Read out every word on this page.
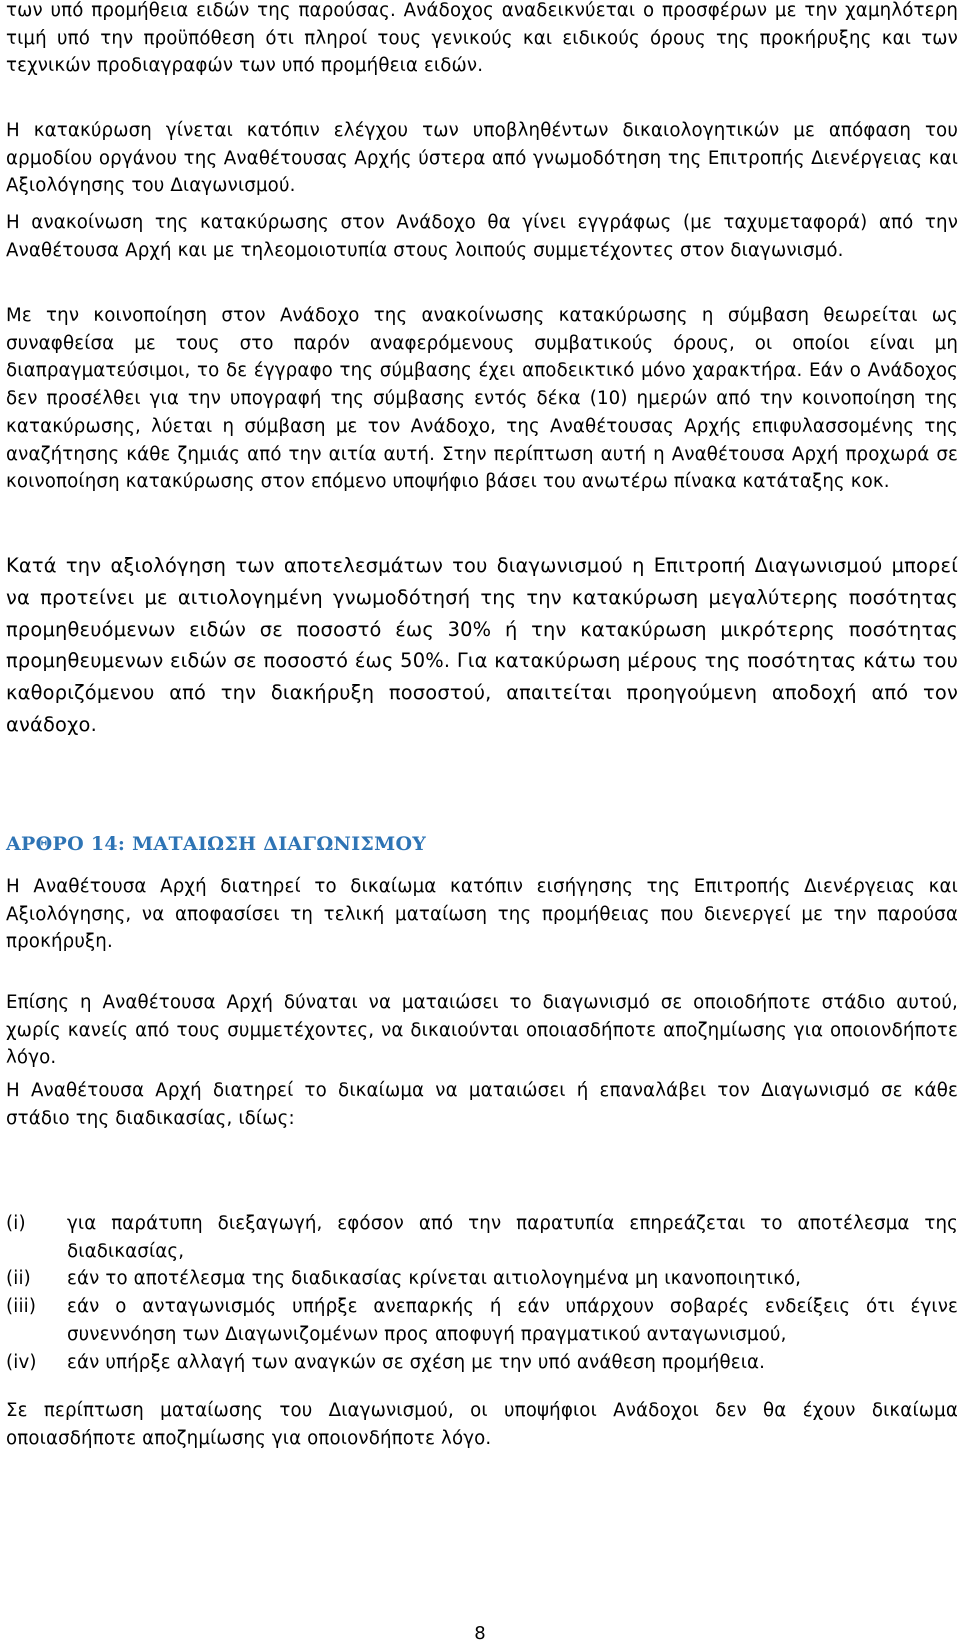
των υπό προμήθεια ειδών της παρούσας. Ανάδοχος αναδεικνύεται ο προσφέρων με την χαμηλότερη τιμή υπό την προϋπόθεση ότι πληροί τους γενικούς και ειδικούς όρους της προκήρυξης και των τεχνικών προδιαγραφών των υπό προμήθεια ειδών.

Η κατακύρωση γίνεται κατόπιν ελέγχου των υποβληθέντων δικαιολογητικών με απόφαση του αρμοδίου οργάνου της Αναθέτουσας Αρχής ύστερα από γνωμοδότηση της Επιτροπής Διενέργειας και Αξιολόγησης του Διαγωνισμού.

Η ανακοίνωση της κατακύρωσης στον Ανάδοχο θα γίνει εγγράφως (με ταχυμεταφορά) από την Αναθέτουσα Αρχή και με τηλεομοιοτυπία στους λοιπούς συμμετέχοντες στον διαγωνισμό.

Με την κοινοποίηση στον Ανάδοχο της ανακοίνωσης κατακύρωσης η σύμβαση θεωρείται ως συναφθείσα με τους στο παρόν αναφερόμενους συμβατικούς όρους, οι οποίοι είναι μη διαπραγματεύσιμοι, το δε έγγραφο της σύμβασης έχει αποδεικτικό μόνο χαρακτήρα. Εάν ο Ανάδοχος δεν προσέλθει για την υπογραφή της σύμβασης εντός δέκα (10) ημερών από την κοινοποίηση της κατακύρωσης, λύεται η σύμβαση με τον Ανάδοχο, της Αναθέτουσας Αρχής επιφυλασσομένης της αναζήτησης κάθε ζημιάς από την αιτία αυτή. Στην περίπτωση αυτή η Αναθέτουσα Αρχή προχωρά σε κοινοποίηση κατακύρωσης στον επόμενο υποψήφιο βάσει του ανωτέρω πίνακα κατάταξης κοκ.

Κατά την αξιολόγηση των αποτελεσμάτων του διαγωνισμού η Επιτροπή Διαγωνισμού μπορεί να προτείνει με αιτιολογημένη γνωμοδότησή της την κατακύρωση μεγαλύτερης ποσότητας προμηθευόμενων ειδών σε ποσοστό έως 30% ή την κατακύρωση μικρότερης ποσότητας προμηθευμενων ειδών σε ποσοστό έως 50%. Για κατακύρωση μέρους της ποσότητας κάτω του καθοριζόμενου από την διακήρυξη ποσοστού, απαιτείται προηγούμενη αποδοχή από τον ανάδοχο.

ΑΡΘΡΟ 14: ΜΑΤΑΙΩΣΗ ΔΙΑΓΩΝΙΣΜΟΥ

Η Αναθέτουσα Αρχή διατηρεί το δικαίωμα κατόπιν εισήγησης της Επιτροπής Διενέργειας και Αξιολόγησης, να αποφασίσει τη τελική ματαίωση της προμήθειας που διενεργεί με την παρούσα προκήρυξη.

Επίσης η Αναθέτουσα Αρχή δύναται να ματαιώσει το διαγωνισμό σε οποιοδήποτε στάδιο αυτού, χωρίς κανείς από τους συμμετέχοντες, να δικαιούνται οποιασδήποτε αποζημίωσης για οποιονδήποτε λόγο.

Η Αναθέτουσα Αρχή διατηρεί το δικαίωμα να ματαιώσει ή επαναλάβει τον Διαγωνισμό σε κάθε στάδιο της διαδικασίας, ιδίως:

(i)	για παράτυπη διεξαγωγή, εφόσον από την παρατυπία επηρεάζεται το αποτέλεσμα της διαδικασίας,
(ii)	εάν το αποτέλεσμα της διαδικασίας κρίνεται αιτιολογημένα μη ικανοποιητικό,
(iii)	εάν ο ανταγωνισμός υπήρξε ανεπαρκής ή εάν υπάρχουν σοβαρές ενδείξεις ότι έγινε συνεννόηση των Διαγωνιζομένων προς αποφυγή πραγματικού ανταγωνισμού,
(iv)	εάν υπήρξε αλλαγή των αναγκών σε σχέση με την υπό ανάθεση προμήθεια.

Σε περίπτωση ματαίωσης του Διαγωνισμού, οι υποψήφιοι Ανάδοχοι δεν θα έχουν δικαίωμα οποιασδήποτε αποζημίωσης για οποιονδήποτε λόγο.

8
